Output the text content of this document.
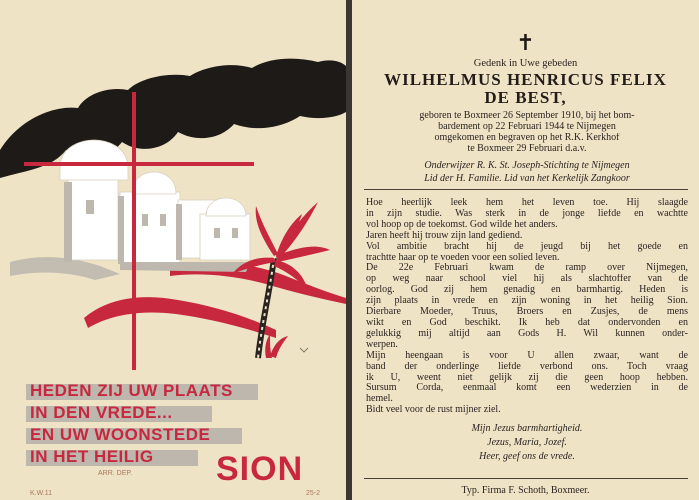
HEDEN ZIJ UW PLAATS
IN DEN VREDE...
EN UW WOONSTEDE
IN HET HEILIG SION
K.W.11
ARR. DEP.
25-2
✝
Gedenk in Uwe gebeden
WILHELMUS HENRICUS FELIX
DE BEST,
geboren te Boxmeer 26 September 1910, bij het bom-
bardement op 22 Februari 1944 te Nijmegen
omgekomen en begraven op het R.K. Kerkhof
te Boxmeer 29 Februari d.a.v.
Onderwijzer R. K. St. Joseph-Stichting te Nijmegen
Lid der H. Familie. Lid van het Kerkelijk Zangkoor
Hoe heerlijk leek hem het leven toe. Hij slaagde
in zijn studie. Was sterk in de jonge liefde en wachtte
vol hoop op de toekomst. God wilde het anders.
Jaren heeft hij trouw zijn land gediend.
Vol ambitie bracht hij de jeugd bij het goede en
trachtte haar op te voeden voor een solied leven.
De 22e Februari kwam de ramp over Nijmegen,
op weg naar school viel hij als slachtoffer van de
oorlog. God zij hem genadig en barmhartig. Heden is
zijn plaats in vrede en zijn woning in het heilig Sion.
Dierbare Moeder, Truus, Broers en Zusjes, de mens
wikt en God beschikt. Ik heb dat ondervonden en
gelukkig mij altijd aan Gods H. Wil kunnen onder-
werpen.
Mijn heengaan is voor U allen zwaar, want de
band der onderlinge liefde verbond ons. Toch vraag
ik U, weent niet gelijk zij die geen hoop hebben.
Sursum Corda, eenmaal komt een wederzien in de
hemel.
Bidt veel voor de rust mijner ziel.
Mijn Jezus barmhartigheid.
Jezus, Maria, Jozef.
Heer, geef ons de vrede.
Typ. Firma F. Schoth, Boxmeer.
